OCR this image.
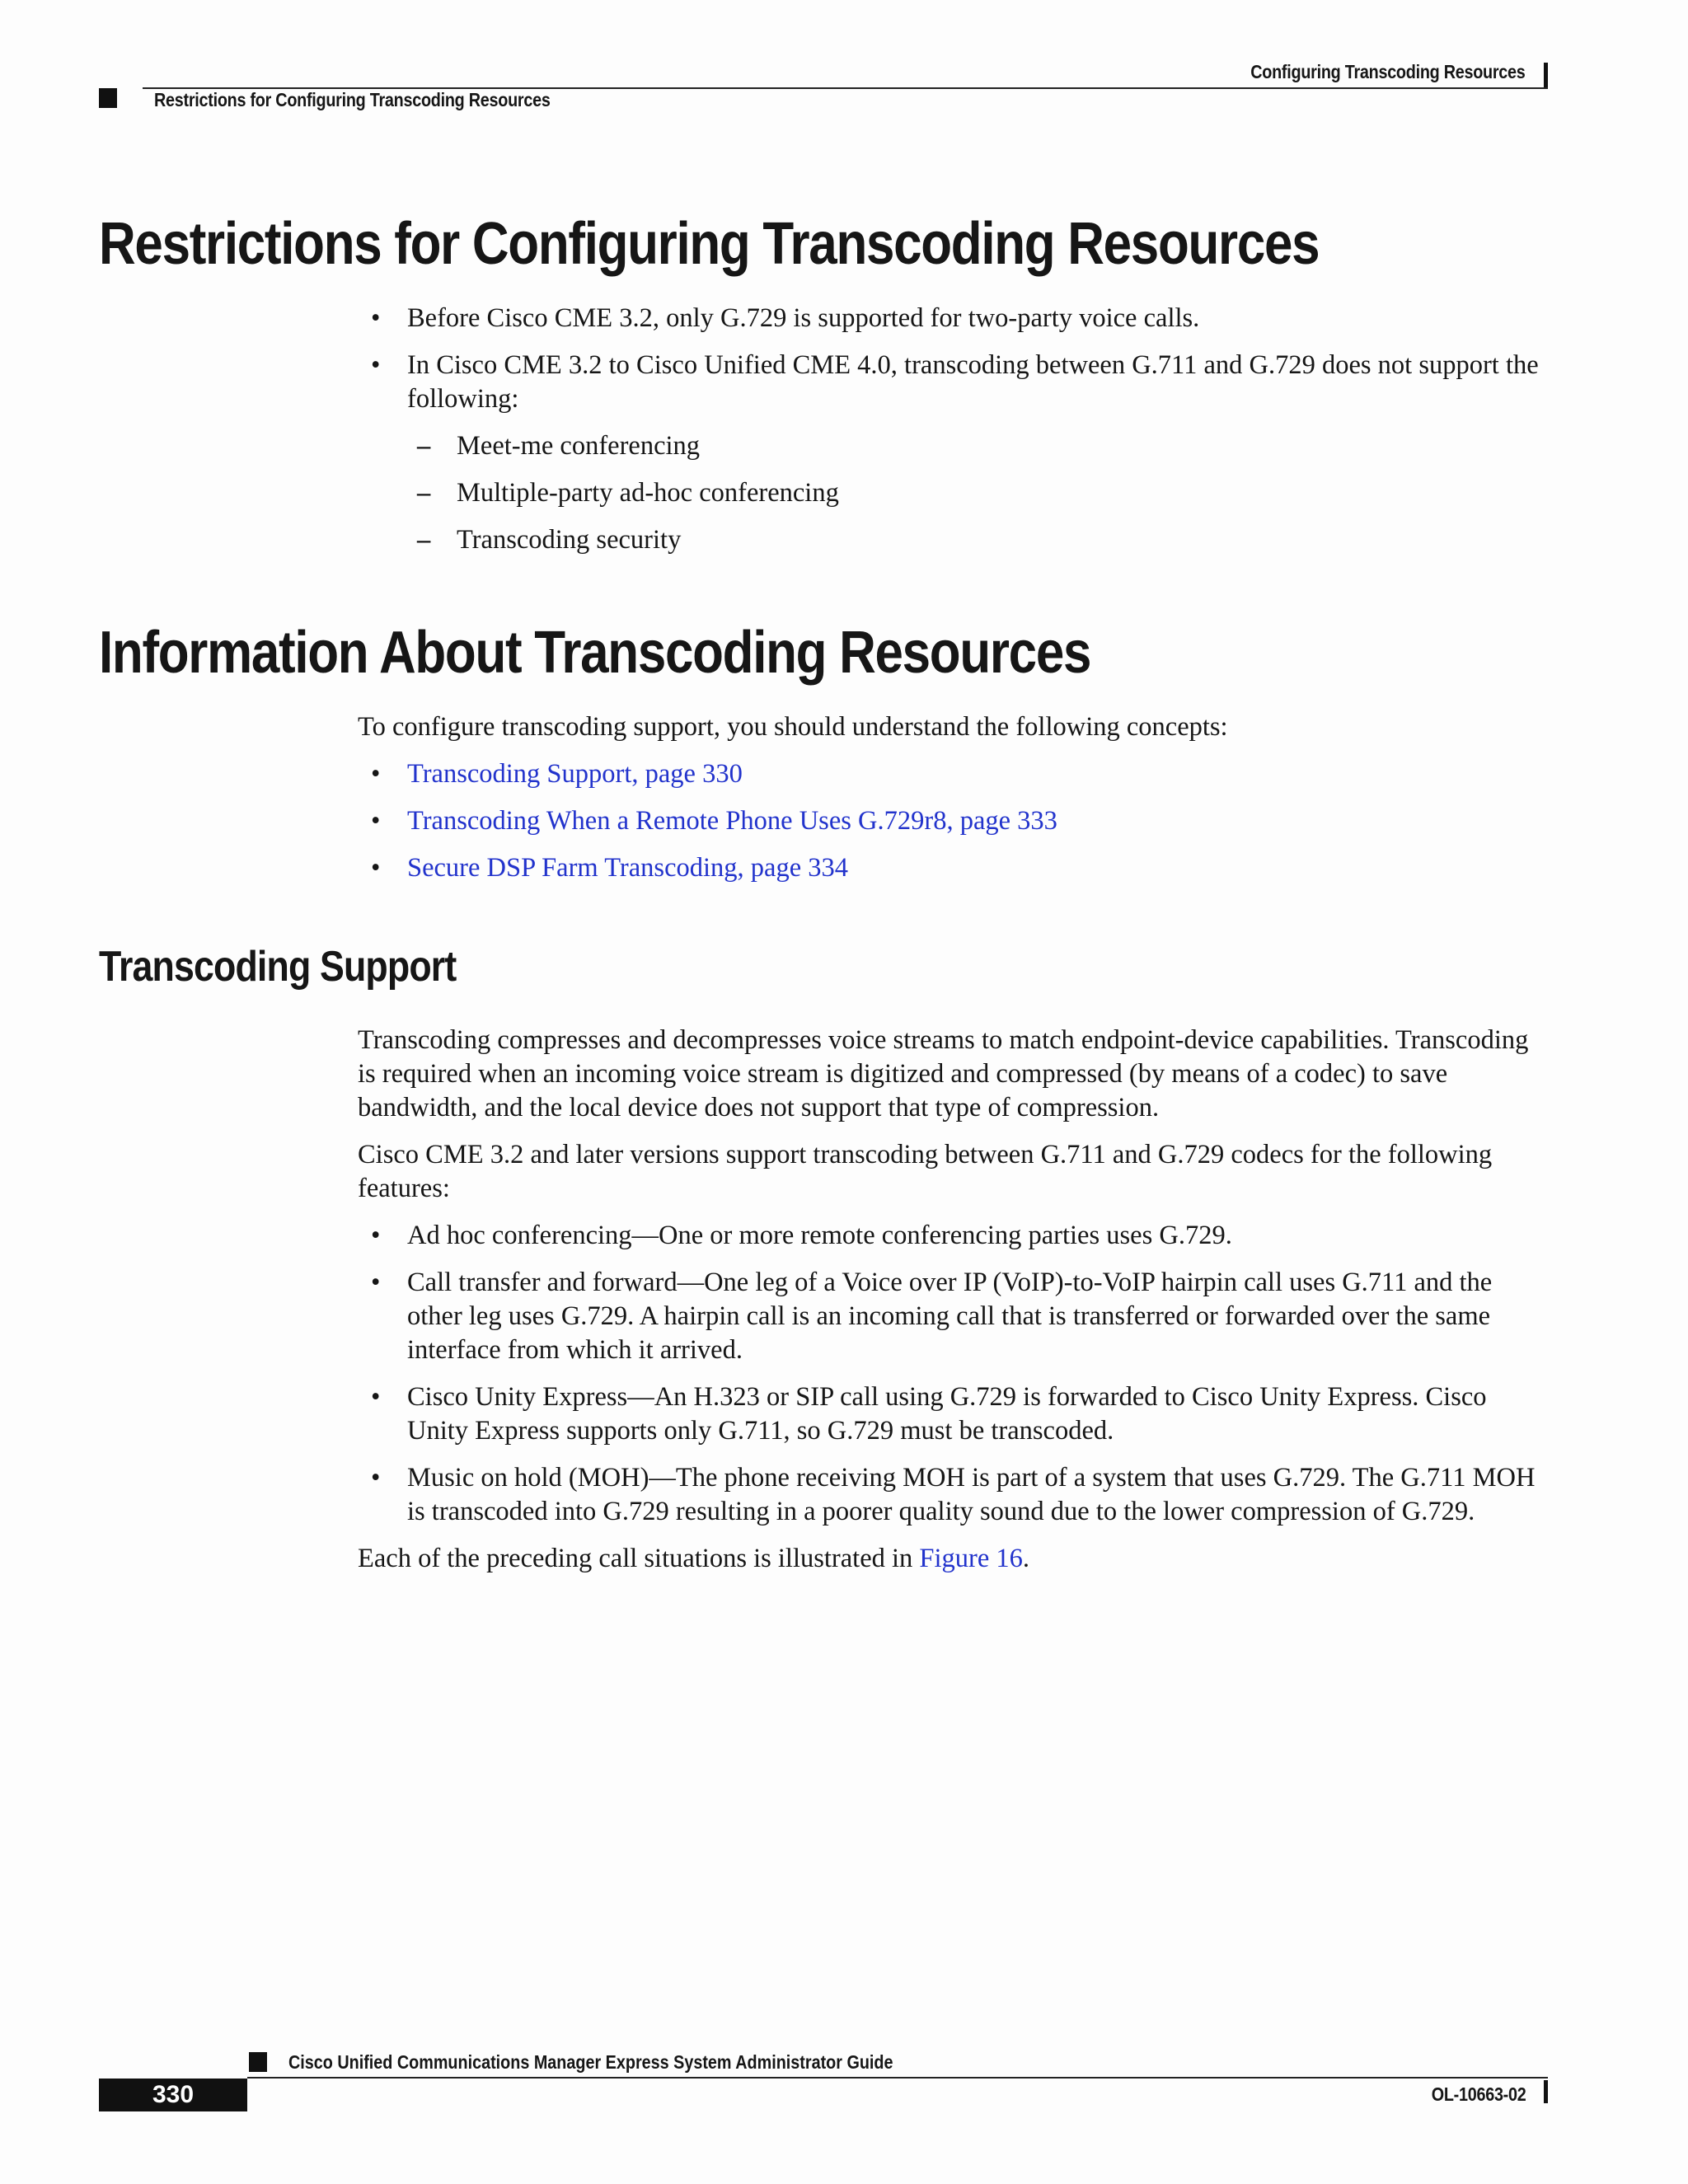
Configuring Transcoding Resources
Restrictions for Configuring Transcoding Resources
Restrictions for Configuring Transcoding Resources
• Before Cisco CME 3.2, only G.729 is supported for two-party voice calls.
• In Cisco CME 3.2 to Cisco Unified CME 4.0, transcoding between G.711 and G.729 does not support the following:
– Meet-me conferencing
– Multiple-party ad-hoc conferencing
– Transcoding security
Information About Transcoding Resources

To configure transcoding support, you should understand the following concepts:

• Transcoding Support, page 330
• Transcoding When a Remote Phone Uses G.729r8, page 333
• Secure DSP Farm Transcoding, page 334
Transcoding Support

Transcoding compresses and decompresses voice streams to match endpoint-device capabilities. Transcoding is required when an incoming voice stream is digitized and compressed (by means of a codec) to save bandwidth, and the local device does not support that type of compression.

Cisco CME 3.2 and later versions support transcoding between G.711 and G.729 codecs for the following features:

• Ad hoc conferencing—One or more remote conferencing parties uses G.729.
• Call transfer and forward—One leg of a Voice over IP (VoIP)-to-VoIP hairpin call uses G.711 and the other leg uses G.729. A hairpin call is an incoming call that is transferred or forwarded over the same interface from which it arrived.
• Cisco Unity Express—An H.323 or SIP call using G.729 is forwarded to Cisco Unity Express. Cisco Unity Express supports only G.711, so G.729 must be transcoded.
• Music on hold (MOH)—The phone receiving MOH is part of a system that uses G.729. The G.711 MOH is transcoded into G.729 resulting in a poorer quality sound due to the lower compression of G.729.

Each of the preceding call situations is illustrated in Figure 16.

Cisco Unified Communications Manager Express System Administrator Guide
330	OL-10663-02
